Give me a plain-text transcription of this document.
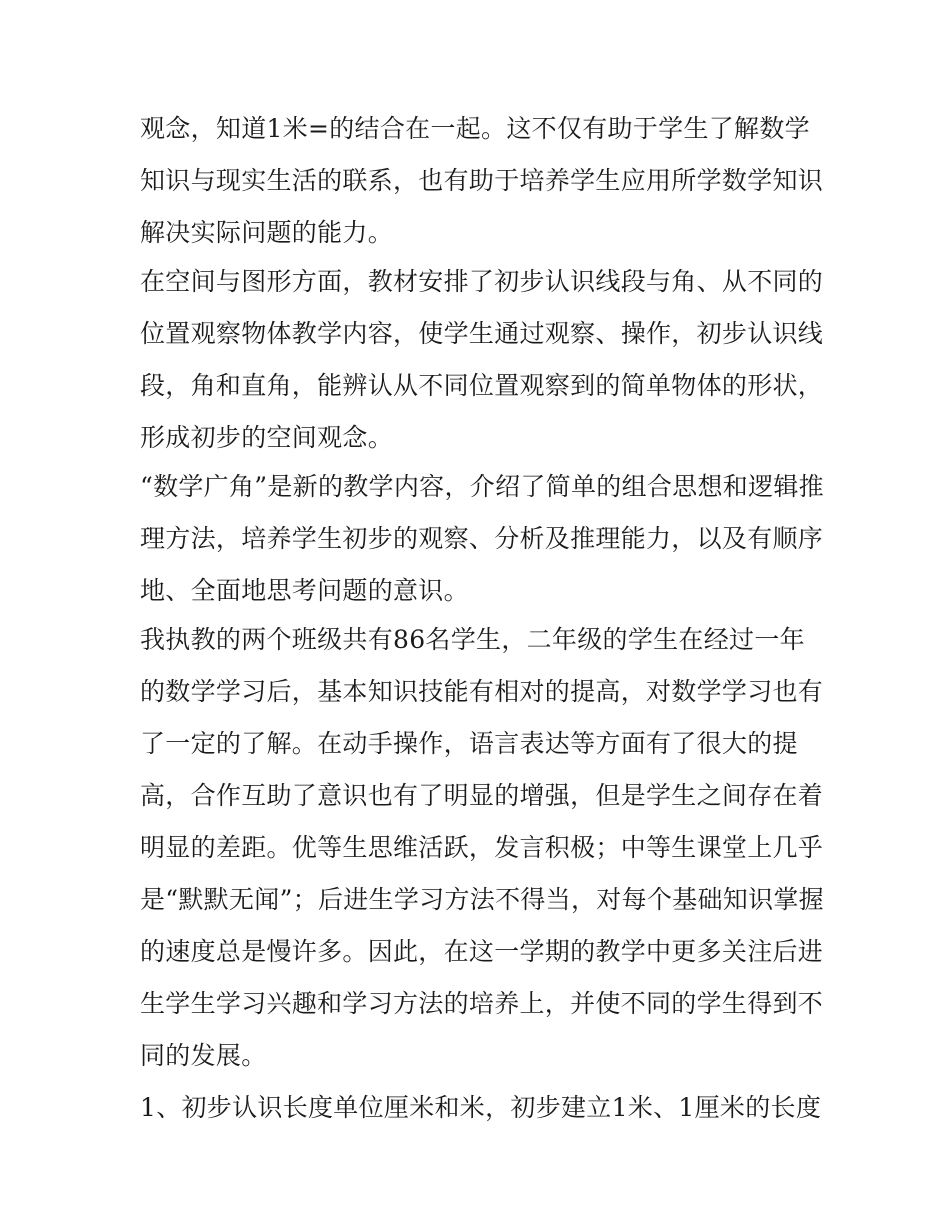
观念，知道1米=的结合在一起。这不仅有助于学生了解数学
知识与现实生活的联系，也有助于培养学生应用所学数学知识
解决实际问题的能力。
在空间与图形方面，教材安排了初步认识线段与角、从不同的
位置观察物体教学内容，使学生通过观察、操作，初步认识线
段，角和直角，能辨认从不同位置观察到的简单物体的形状，
形成初步的空间观念。
“数学广角”是新的教学内容，介绍了简单的组合思想和逻辑推
理方法，培养学生初步的观察、分析及推理能力，以及有顺序
地、全面地思考问题的意识。
我执教的两个班级共有86名学生，二年级的学生在经过一年
的数学学习后，基本知识技能有相对的提高，对数学学习也有
了一定的了解。在动手操作，语言表达等方面有了很大的提
高，合作互助了意识也有了明显的增强，但是学生之间存在着
明显的差距。优等生思维活跃，发言积极；中等生课堂上几乎
是“默默无闻”；后进生学习方法不得当，对每个基础知识掌握
的速度总是慢许多。因此，在这一学期的教学中更多关注后进
生学生学习兴趣和学习方法的培养上，并使不同的学生得到不
同的发展。
1、初步认识长度单位厘米和米，初步建立1米、1厘米的长度
